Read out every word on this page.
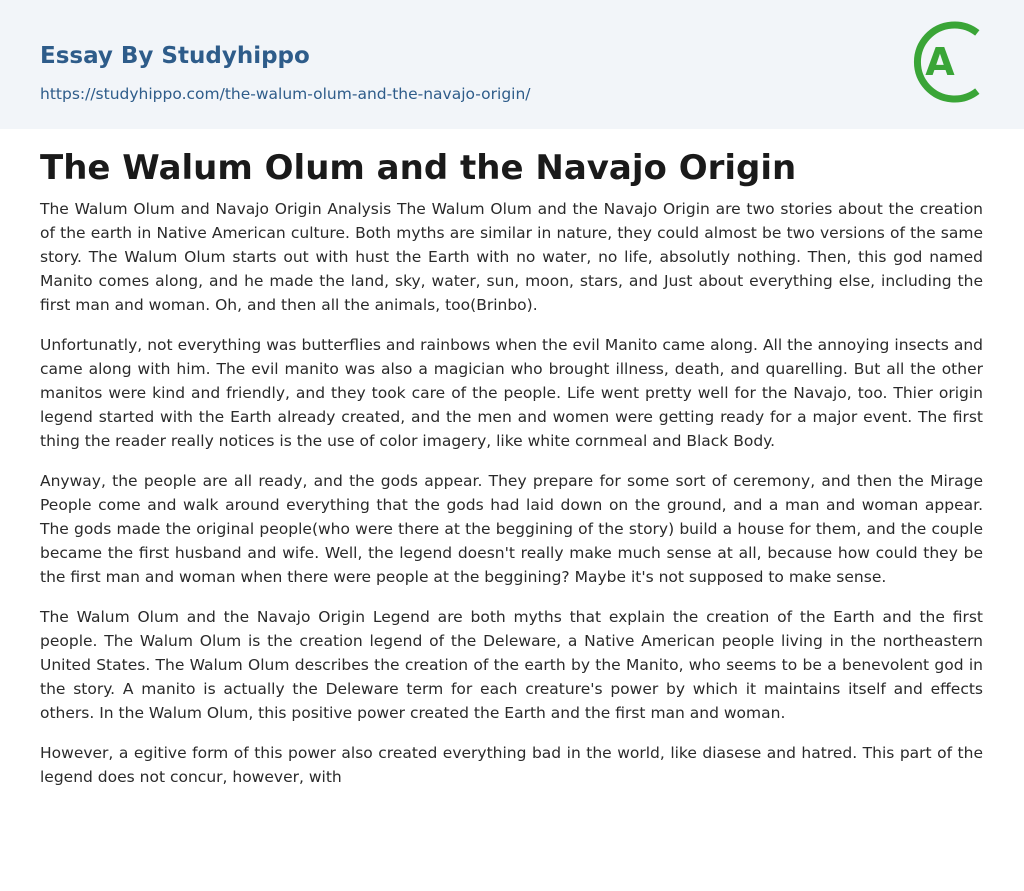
Essay By Studyhippo
https://studyhippo.com/the-walum-olum-and-the-navajo-origin/
A
The Walum Olum and the Navajo Origin

The Walum Olum and Navajo Origin Analysis The Walum Olum and the Navajo Origin are two stories about the creation of the earth in Native American culture. Both myths are similar in nature, they could almost be two versions of the same story. The Walum Olum starts out with hust the Earth with no water, no life, absolutly nothing. Then, this god named Manito comes along, and he made the land, sky, water, sun, moon, stars, and Just about everything else, including the first man and woman. Oh, and then all the animals, too(Brinbo).

Unfortunatly, not everything was butterflies and rainbows when the evil Manito came along. All the annoying insects and came along with him. The evil manito was also a magician who brought illness, death, and quarelling. But all the other manitos were kind and friendly, and they took care of the people. Life went pretty well for the Navajo, too. Thier origin legend started with the Earth already created, and the men and women were getting ready for a major event. The first thing the reader really notices is the use of color imagery, like white cornmeal and Black Body.

Anyway, the people are all ready, and the gods appear. They prepare for some sort of ceremony, and then the Mirage People come and walk around everything that the gods had laid down on the ground, and a man and woman appear. The gods made the original people(who were there at the beggining of the story) build a house for them, and the couple became the first husband and wife. Well, the legend doesn't really make much sense at all, because how could they be the first man and woman when there were people at the beggining? Maybe it's not supposed to make sense.

The Walum Olum and the Navajo Origin Legend are both myths that explain the creation of the Earth and the first people. The Walum Olum is the creation legend of the Deleware, a Native American people living in the northeastern United States. The Walum Olum describes the creation of the earth by the Manito, who seems to be a benevolent god in the story. A manito is actually the Deleware term for each creature's power by which it maintains itself and effects others. In the Walum Olum, this positive power created the Earth and the first man and woman.

However, a egitive form of this power also created everything bad in the world, like diasese and hatred. This part of the legend does not concur, however, with
